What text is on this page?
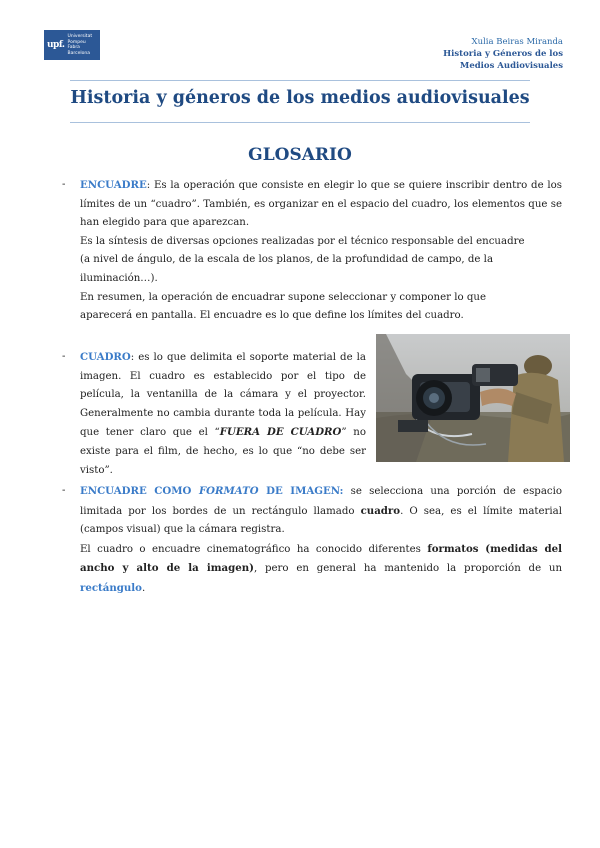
upf.
Universitat
Pompeu Fabra
Barcelona
Xulia Beiras Miranda
Historia y Géneros de los
Medios Audiovisuales
Historia y géneros de los medios audiovisuales
GLOSARIO
- ENCUADRE: Es la operación que consiste en elegir lo que se quiere inscribir dentro de los límites de un “cuadro”. También, es organizar en el espacio del cuadro, los elementos que se han elegido para que aparezcan.

Es la síntesis de diversas opciones realizadas por el técnico responsable del encuadre

(a nivel de ángulo, de la escala de los planos, de la profundidad de campo, de la

iluminación…).

En resumen, la operación de encuadrar supone seleccionar y componer lo que

aparecerá en pantalla. El encuadre es lo que define los límites del cuadro.

- CUADRO: es lo que delimita el soporte material de la imagen. El cuadro es establecido por el tipo de película, la ventanilla de la cámara y el proyector. Generalmente no cambia durante toda la película. Hay que tener claro que el “FUERA DE CUADRO” no existe para el film, de hecho, es lo que “no debe ser visto”.

- ENCUADRE COMO FORMATO DE IMAGEN: se selecciona una porción de espacio limitada por los bordes de un rectángulo llamado cuadro. O sea, es el límite material (campos visual) que la cámara registra.

El cuadro o encuadre cinematográfico ha conocido diferentes formatos (medidas del ancho y alto de la imagen), pero en general ha mantenido la proporción de un rectángulo.
